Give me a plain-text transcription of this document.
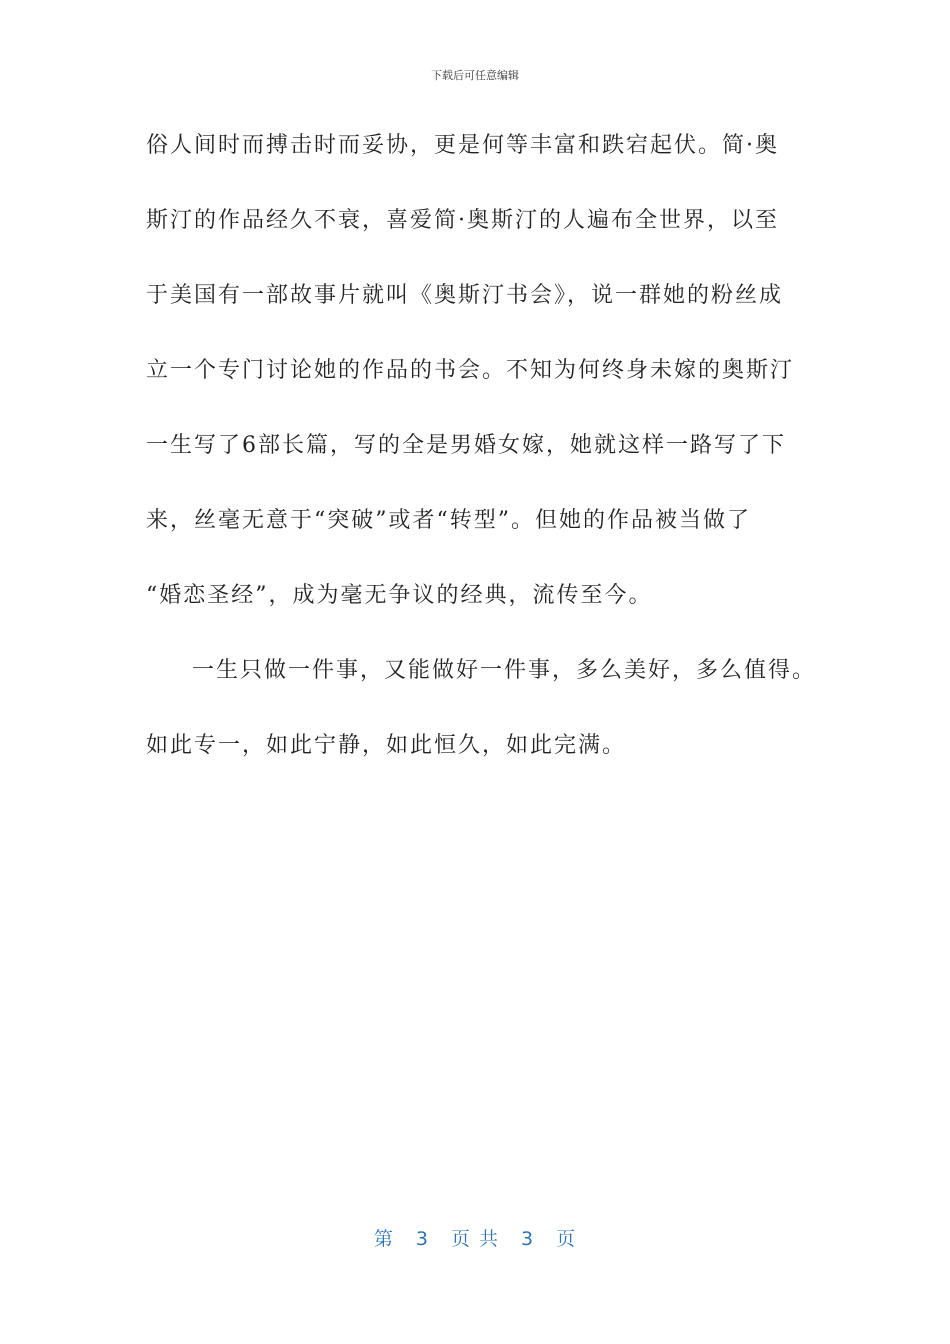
下载后可任意编辑
俗人间时而搏击时而妥协，更是何等丰富和跌宕起伏。简·奥
斯汀的作品经久不衰，喜爱简·奥斯汀的人遍布全世界，以至
于美国有一部故事片就叫《奥斯汀书会》，说一群她的粉丝成
立一个专门讨论她的作品的书会。不知为何终身未嫁的奥斯汀
一生写了6部长篇，写的全是男婚女嫁，她就这样一路写了下
来，丝毫无意于“突破”或者“转型”。但她的作品被当做了
“婚恋圣经”，成为毫无争议的经典，流传至今。
一生只做一件事，又能做好一件事，多么美好，多么值得。
如此专一，如此宁静，如此恒久，如此完满。
第 3 页 共 3 页
